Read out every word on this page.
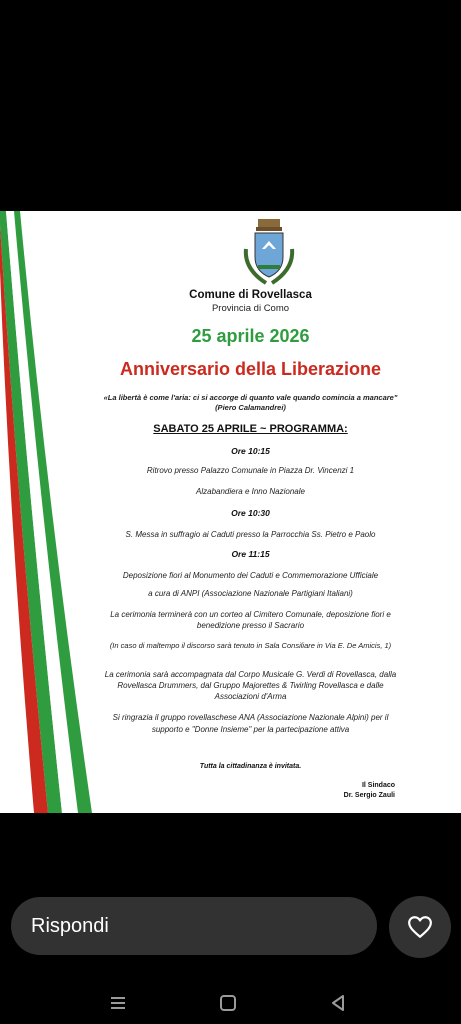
Comune di Rovellasca
Provincia di Como
25 aprile 2026
Anniversario della Liberazione
«La libertà è come l'aria: ci si accorge di quanto vale quando comincia a mancare"
(Piero Calamandrei)
SABATO 25 APRILE ~ PROGRAMMA:
Ore 10:15
Ritrovo presso Palazzo Comunale in Piazza Dr. Vincenzi 1
Alzabandiera e Inno Nazionale
Ore 10:30
S. Messa in suffragio ai Caduti presso la Parrocchia Ss. Pietro e Paolo
Ore 11:15
Deposizione fiori al Monumento dei Caduti e Commemorazione Ufficiale
a cura di ANPI (Associazione Nazionale Partigiani Italiani)
La cerimonia terminerà con un corteo al Cimitero Comunale, deposizione fiori e
benedizione presso il Sacrario
(In caso di maltempo il discorso sarà tenuto in Sala Consiliare in Via E. De Amicis, 1)
La cerimonia sarà accompagnata dal Corpo Musicale G. Verdi di Rovellasca, dalla
Rovellasca Drummers, dal Gruppo Majorettes & Twirling Rovellasca e dalle
Associazioni d'Arma
Si ringrazia il gruppo rovellaschese ANA (Associazione Nazionale Alpini) per il
supporto e "Donne Insieme" per la partecipazione attiva
Tutta la cittadinanza è invitata.
Il Sindaco
Dr. Sergio Zauli
Rispondi
